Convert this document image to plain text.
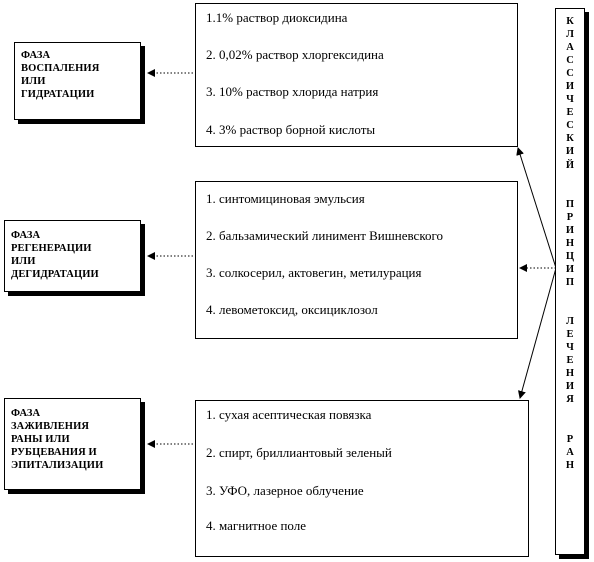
ФАЗА
ВОСПАЛЕНИЯ
ИЛИ
ГИДРАТАЦИИ
ФАЗА
РЕГЕНЕРАЦИИ
ИЛИ
ДЕГИДРАТАЦИИ
ФАЗА
ЗАЖИВЛЕНИЯ
РАНЫ ИЛИ
РУБЦЕВАНИЯ И
ЭПИТАЛИЗАЦИИ
1.1% раствор диоксидина
2. 0,02% раствор хлоргексидина
3. 10% раствор хлорида натрия
4. 3% раствор борной кислоты
1. синтомициновая эмульсия
2. бальзамический линимент Вишневского
3. солкосерил, актовегин, метилурация
4. левометоксид, оксициклозол
1. сухая асептическая повязка
2. спирт, бриллиантовый зеленый
3. УФО, лазерное облучение
4. магнитное поле
К
Л
А
С
С
И
Ч
Е
С
К
И
Й
П
Р
И
Н
Ц
И
П
Л
Е
Ч
Е
Н
И
Я
Р
А
Н
